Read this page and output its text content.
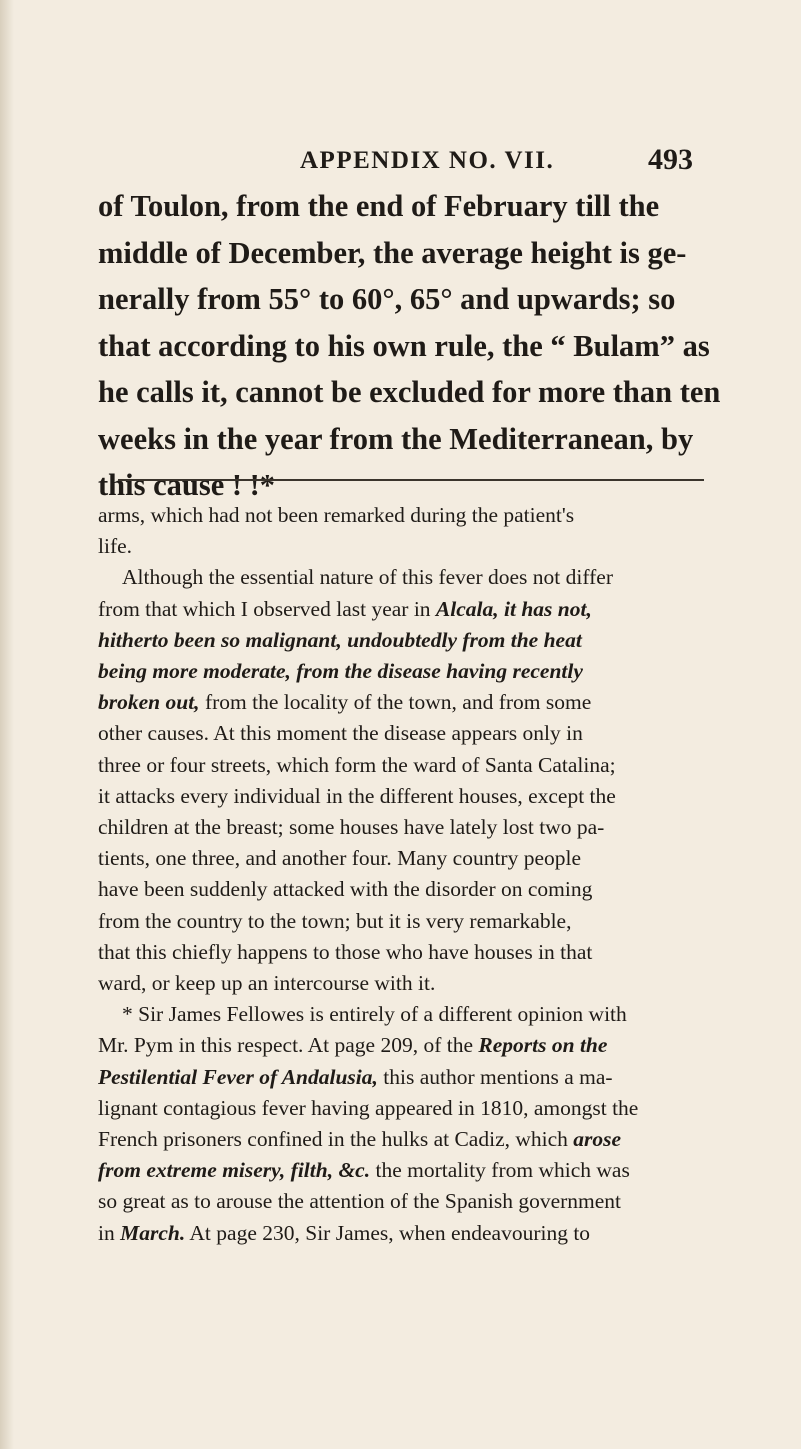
APPENDIX NO. VII.	493
of Toulon, from the end of February till the
middle of December, the average height is ge-
nerally from 55° to 60°, 65° and upwards; so
that according to his own rule, the “ Bulam” as
he calls it, cannot be excluded for more than ten
weeks in the year from the Mediterranean, by
this cause ! !*
arms, which had not been remarked during the patient's
life.
Although the essential nature of this fever does not differ
from that which I observed last year in Alcala, it has not,
hitherto been so malignant, undoubtedly from the heat
being more moderate, from the disease having recently
broken out, from the locality of the town, and from some
other causes. At this moment the disease appears only in
three or four streets, which form the ward of Santa Catalina;
it attacks every individual in the different houses, except the
children at the breast; some houses have lately lost two pa-
tients, one three, and another four. Many country people
have been suddenly attacked with the disorder on coming
from the country to the town; but it is very remarkable,
that this chiefly happens to those who have houses in that
ward, or keep up an intercourse with it.
* Sir James Fellowes is entirely of a different opinion with
Mr. Pym in this respect. At page 209, of the Reports on the
Pestilential Fever of Andalusia, this author mentions a ma-
lignant contagious fever having appeared in 1810, amongst the
French prisoners confined in the hulks at Cadiz, which arose
from extreme misery, filth, &c. the mortality from which was
so great as to arouse the attention of the Spanish government
in March. At page 230, Sir James, when endeavouring to
